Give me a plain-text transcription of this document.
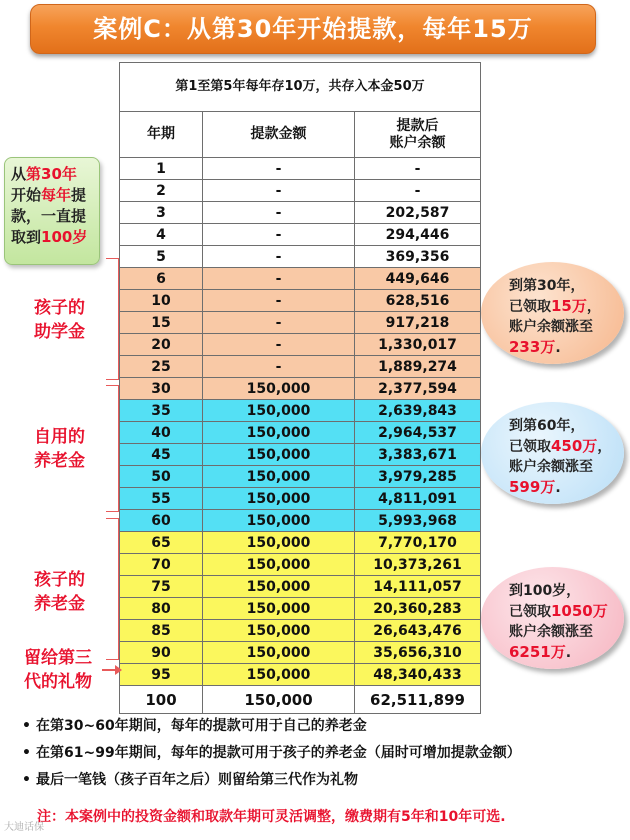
案例C：从第30年开始提款，每年15万
第1至第5年每年存10万，共存入本金50万		
年期	提款金额	提款后
账户余额
1	-	-
2	-	-
3	-	202,587
4	-	294,446
5	-	369,356
6	-	449,646
10	-	628,516
15	-	917,218
20	-	1,330,017
25	-	1,889,274
30	150,000	2,377,594
35	150,000	2,639,843
40	150,000	2,964,537
45	150,000	3,383,671
50	150,000	3,979,285
55	150,000	4,811,091
60	150,000	5,993,968
65	150,000	7,770,170
70	150,000	10,373,261
75	150,000	14,111,057
80	150,000	20,360,283
85	150,000	26,643,476
90	150,000	35,656,310
95	150,000	48,340,433
100	150,000	62,511,899
从第30年
开始每年提款，一直提取到100岁
孩子的
助学金
自用的
养老金
孩子的
养老金
留给第三
代的礼物
到第30年，
已领取15万，
账户余额涨至
233万.
到第60年，
已领取450万，
账户余额涨至
599万.
到100岁，
已领取1050万
账户余额涨至
6251万.
• 在第30~60年期间，每年的提款可用于自己的养老金
• 在第61~99年期间，每年的提款可用于孩子的养老金（届时可增加提款金额）
• 最后一笔钱（孩子百年之后）则留给第三代作为礼物
注：本案例中的投资金额和取款年期可灵活调整，缴费期有5年和10年可选.
大迪话保
